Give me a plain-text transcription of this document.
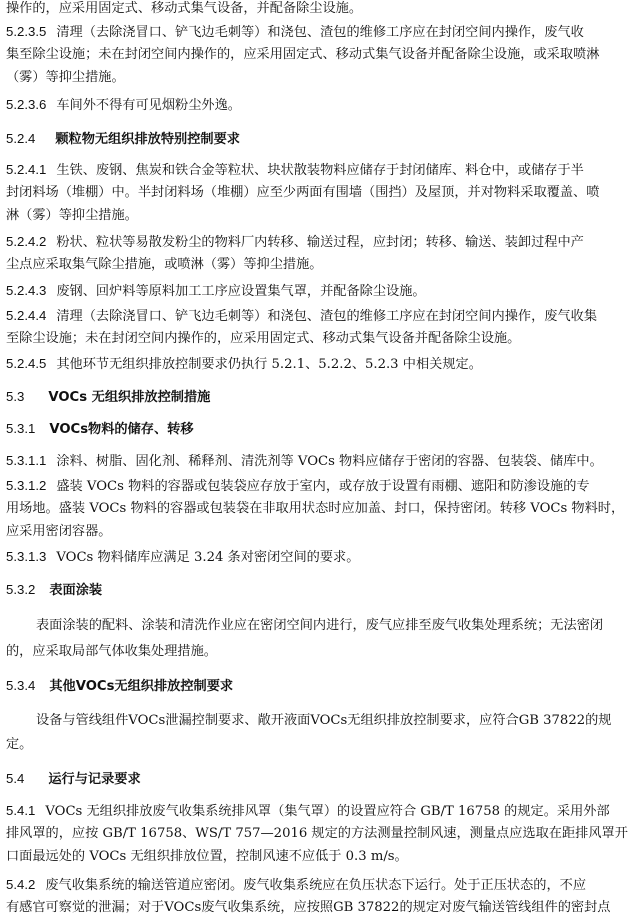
操作的，应采用固定式、移动式集气设备，并配备除尘设施。
5.2.3.5 清理（去除浇冒口、铲飞边毛刺等）和浇包、渣包的维修工序应在封闭空间内操作，废气收
集至除尘设施；未在封闭空间内操作的，应采用固定式、移动式集气设备并配备除尘设施，或采取喷淋
（雾）等抑尘措施。
5.2.3.6 车间外不得有可见烟粉尘外逸。
5.2.4 颗粒物无组织排放特别控制要求
5.2.4.1 生铁、废钢、焦炭和铁合金等粒状、块状散装物料应储存于封闭储库、料仓中，或储存于半
封闭料场（堆棚）中。半封闭料场（堆棚）应至少两面有围墙（围挡）及屋顶，并对物料采取覆盖、喷
淋（雾）等抑尘措施。
5.2.4.2 粉状、粒状等易散发粉尘的物料厂内转移、输送过程，应封闭；转移、输送、装卸过程中产
尘点应采取集气除尘措施，或喷淋（雾）等抑尘措施。
5.2.4.3 废钢、回炉料等原料加工工序应设置集气罩，并配备除尘设施。
5.2.4.4 清理（去除浇冒口、铲飞边毛刺等）和浇包、渣包的维修工序应在封闭空间内操作，废气收集
至除尘设施；未在封闭空间内操作的，应采用固定式、移动式集气设备并配备除尘设施。
5.2.4.5 其他环节无组织排放控制要求仍执行 5.2.1、5.2.2、5.2.3 中相关规定。
5.3 VOCs 无组织排放控制措施
5.3.1 VOCs物料的储存、转移
5.3.1.1 涂料、树脂、固化剂、稀释剂、清洗剂等 VOCs 物料应储存于密闭的容器、包装袋、储库中。
5.3.1.2 盛装 VOCs 物料的容器或包装袋应存放于室内，或存放于设置有雨棚、遮阳和防渗设施的专
用场地。盛装 VOCs 物料的容器或包装袋在非取用状态时应加盖、封口，保持密闭。转移 VOCs 物料时，
应采用密闭容器。
5.3.1.3 VOCs 物料储库应满足 3.24 条对密闭空间的要求。
5.3.2 表面涂装
表面涂装的配料、涂装和清洗作业应在密闭空间内进行，废气应排至废气收集处理系统；无法密闭
的，应采取局部气体收集处理措施。
5.3.4 其他VOCs无组织排放控制要求
设备与管线组件VOCs泄漏控制要求、敞开液面VOCs无组织排放控制要求，应符合GB 37822的规
定。
5.4 运行与记录要求
5.4.1 VOCs 无组织排放废气收集系统排风罩（集气罩）的设置应符合 GB/T 16758 的规定。采用外部
排风罩的，应按 GB/T 16758、WS/T 757—2016 规定的方法测量控制风速，测量点应选取在距排风罩开
口面最远处的 VOCs 无组织排放位置，控制风速不应低于 0.3 m/s。
5.4.2 废气收集系统的输送管道应密闭。废气收集系统应在负压状态下运行。处于正压状态的，不应
有感官可察觉的泄漏；对于VOCs废气收集系统，应按照GB 37822的规定对废气输送管线组件的密封点
